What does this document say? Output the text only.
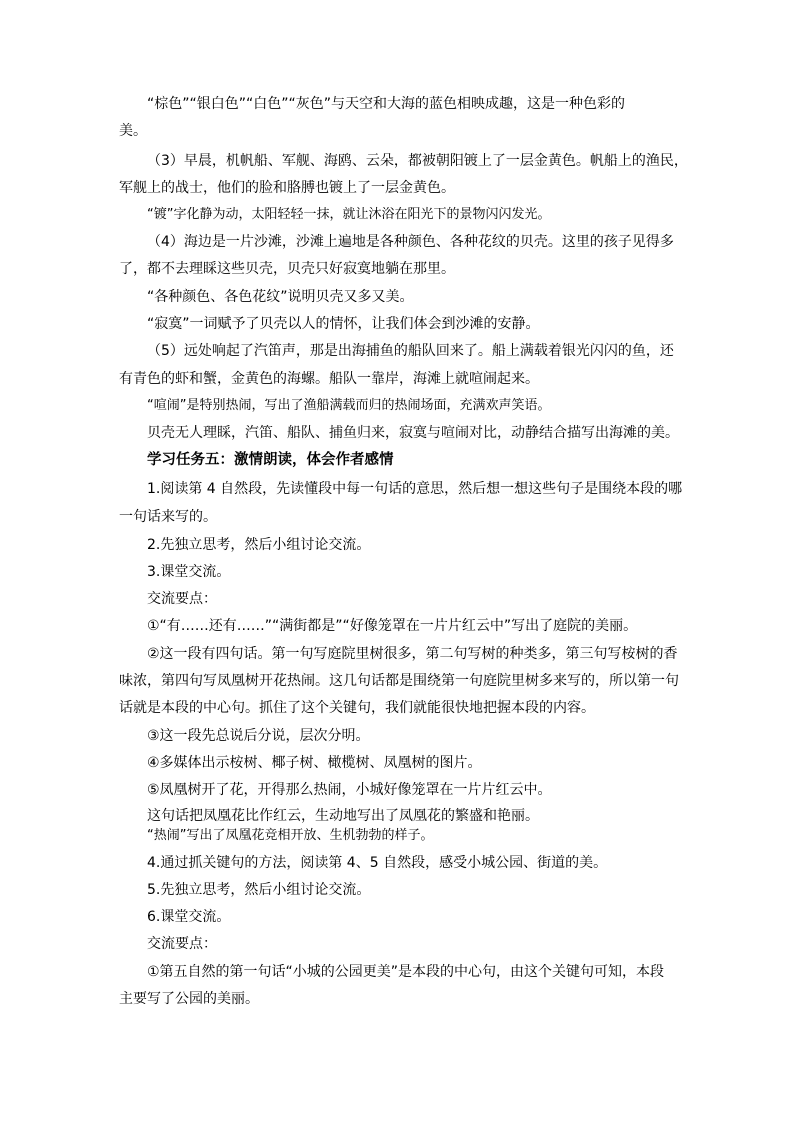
“棕色”“银白色”“白色”“灰色”与天空和大海的蓝色相映成趣，这是一种色彩的
美。
（3）早晨，机帆船、军舰、海鸥、云朵，都被朝阳镀上了一层金黄色。帆船上的渔民，
军舰上的战士，他们的脸和胳膊也镀上了一层金黄色。
“镀”字化静为动，太阳轻轻一抹，就让沐浴在阳光下的景物闪闪发光。
（4）海边是一片沙滩，沙滩上遍地是各种颜色、各种花纹的贝壳。这里的孩子见得多
了，都不去理睬这些贝壳，贝壳只好寂寞地躺在那里。
“各种颜色、各色花纹”说明贝壳又多又美。
“寂寞”一词赋予了贝壳以人的情怀，让我们体会到沙滩的安静。
（5）远处响起了汽笛声，那是出海捕鱼的船队回来了。船上满载着银光闪闪的鱼，还
有青色的虾和蟹，金黄色的海螺。船队一靠岸，海滩上就喧闹起来。
“喧闹”是特别热闹，写出了渔船满载而归的热闹场面，充满欢声笑语。
贝壳无人理睬，汽笛、船队、捕鱼归来，寂寞与喧闹对比，动静结合描写出海滩的美。
学习任务五：激情朗读，体会作者感情
1.阅读第 4 自然段，先读懂段中每一句话的意思，然后想一想这些句子是围绕本段的哪
一句话来写的。
2.先独立思考，然后小组讨论交流。
3.课堂交流。
交流要点：
①“有……还有……”“满街都是”“好像笼罩在一片片红云中”写出了庭院的美丽。
②这一段有四句话。第一句写庭院里树很多，第二句写树的种类多，第三句写桉树的香
味浓，第四句写凤凰树开花热闹。这几句话都是围绕第一句庭院里树多来写的，所以第一句
话就是本段的中心句。抓住了这个关键句，我们就能很快地把握本段的内容。
③这一段先总说后分说，层次分明。
④多媒体出示桉树、椰子树、橄榄树、凤凰树的图片。
⑤凤凰树开了花，开得那么热闹，小城好像笼罩在一片片红云中。
这句话把凤凰花比作红云，生动地写出了凤凰花的繁盛和艳丽。
“热闹”写出了凤凰花竞相开放、生机勃勃的样子。
4.通过抓关键句的方法，阅读第 4、5 自然段，感受小城公园、街道的美。
5.先独立思考，然后小组讨论交流。
6.课堂交流。
交流要点：
①第五自然的第一句话“小城的公园更美”是本段的中心句，由这个关键句可知，本段
主要写了公园的美丽。
